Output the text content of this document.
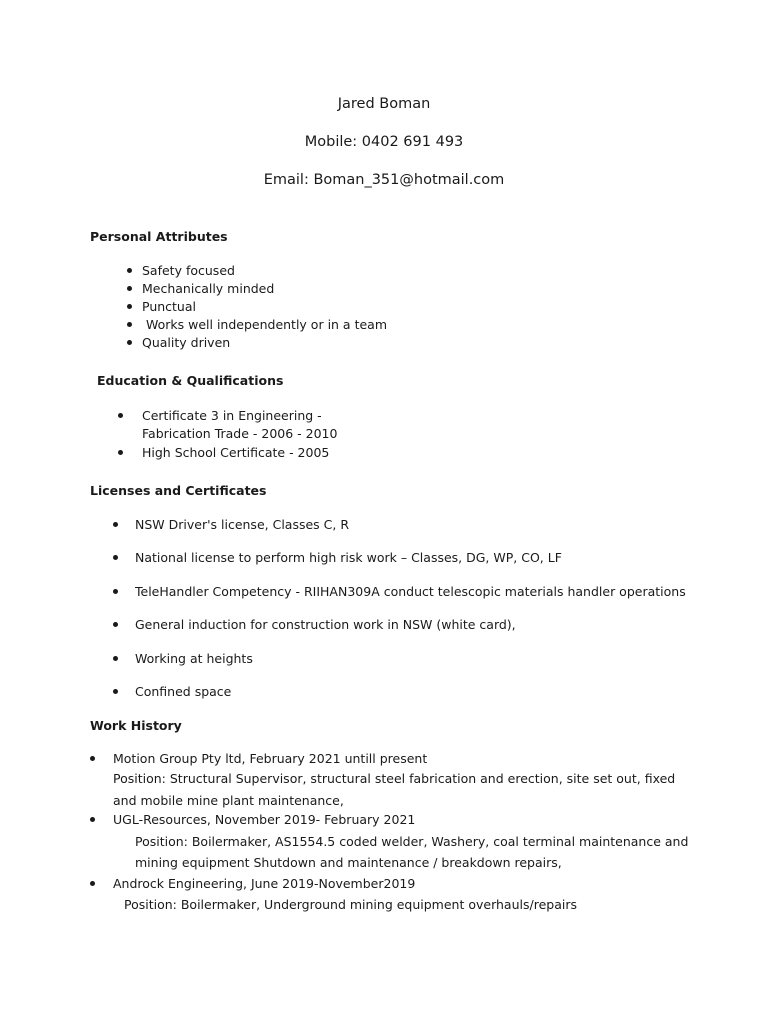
Jared Boman
Mobile: 0402 691 493
Email: Boman_351@hotmail.com
Personal Attributes
Safety focused
Mechanically minded
Punctual
Works well independently or in a team
Quality driven
Education & Qualifications
Certificate 3 in Engineering -
Fabrication Trade - 2006 - 2010
High School Certificate - 2005
Licenses and Certificates
NSW Driver's license, Classes C, R
National license to perform high risk work – Classes, DG, WP, CO, LF
TeleHandler Competency - RIIHAN309A conduct telescopic materials handler operations
General induction for construction work in NSW (white card),
Working at heights
Confined space
Work History
Motion Group Pty ltd, February 2021 untill present
Position: Structural Supervisor, structural steel fabrication and erection, site set out, fixed
and mobile mine plant maintenance,
UGL-Resources, November 2019- February 2021
Position: Boilermaker, AS1554.5 coded welder, Washery, coal terminal maintenance and
mining equipment Shutdown and maintenance / breakdown repairs,
Androck Engineering, June 2019-November2019
Position: Boilermaker, Underground mining equipment overhauls/repairs
